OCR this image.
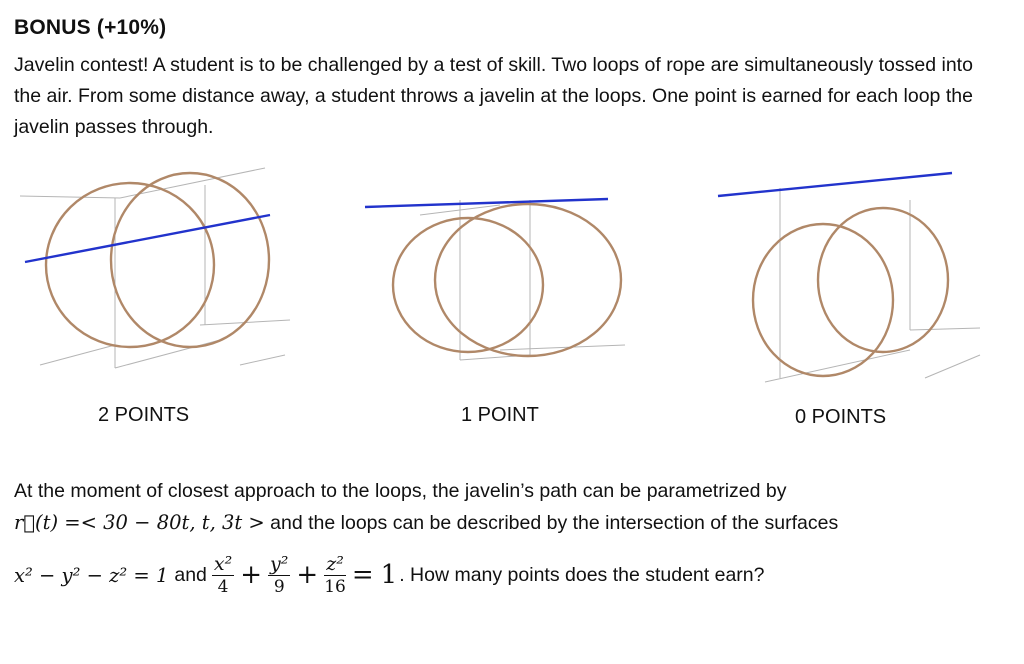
BONUS (+10%)
Javelin contest! A student is to be challenged by a test of skill. Two loops of rope are simultaneously tossed into the air. From some distance away, a student throws a javelin at the loops. One point is earned for each loop the javelin passes through.
2 POINTS	1 POINT	0 POINTS
At the moment of closest approach to the loops, the javelin’s path can be parametrized by
r⃗(t) =< 30 − 80t, t, 3t > and the loops can be described by the intersection of the surfaces
x² − y² − z² = 1 and $\frac{\text{x²}}{4} + \frac{\text{y²}}{9} + \frac{\text{z²}}{16} = 1$ . How many points does the student earn?
